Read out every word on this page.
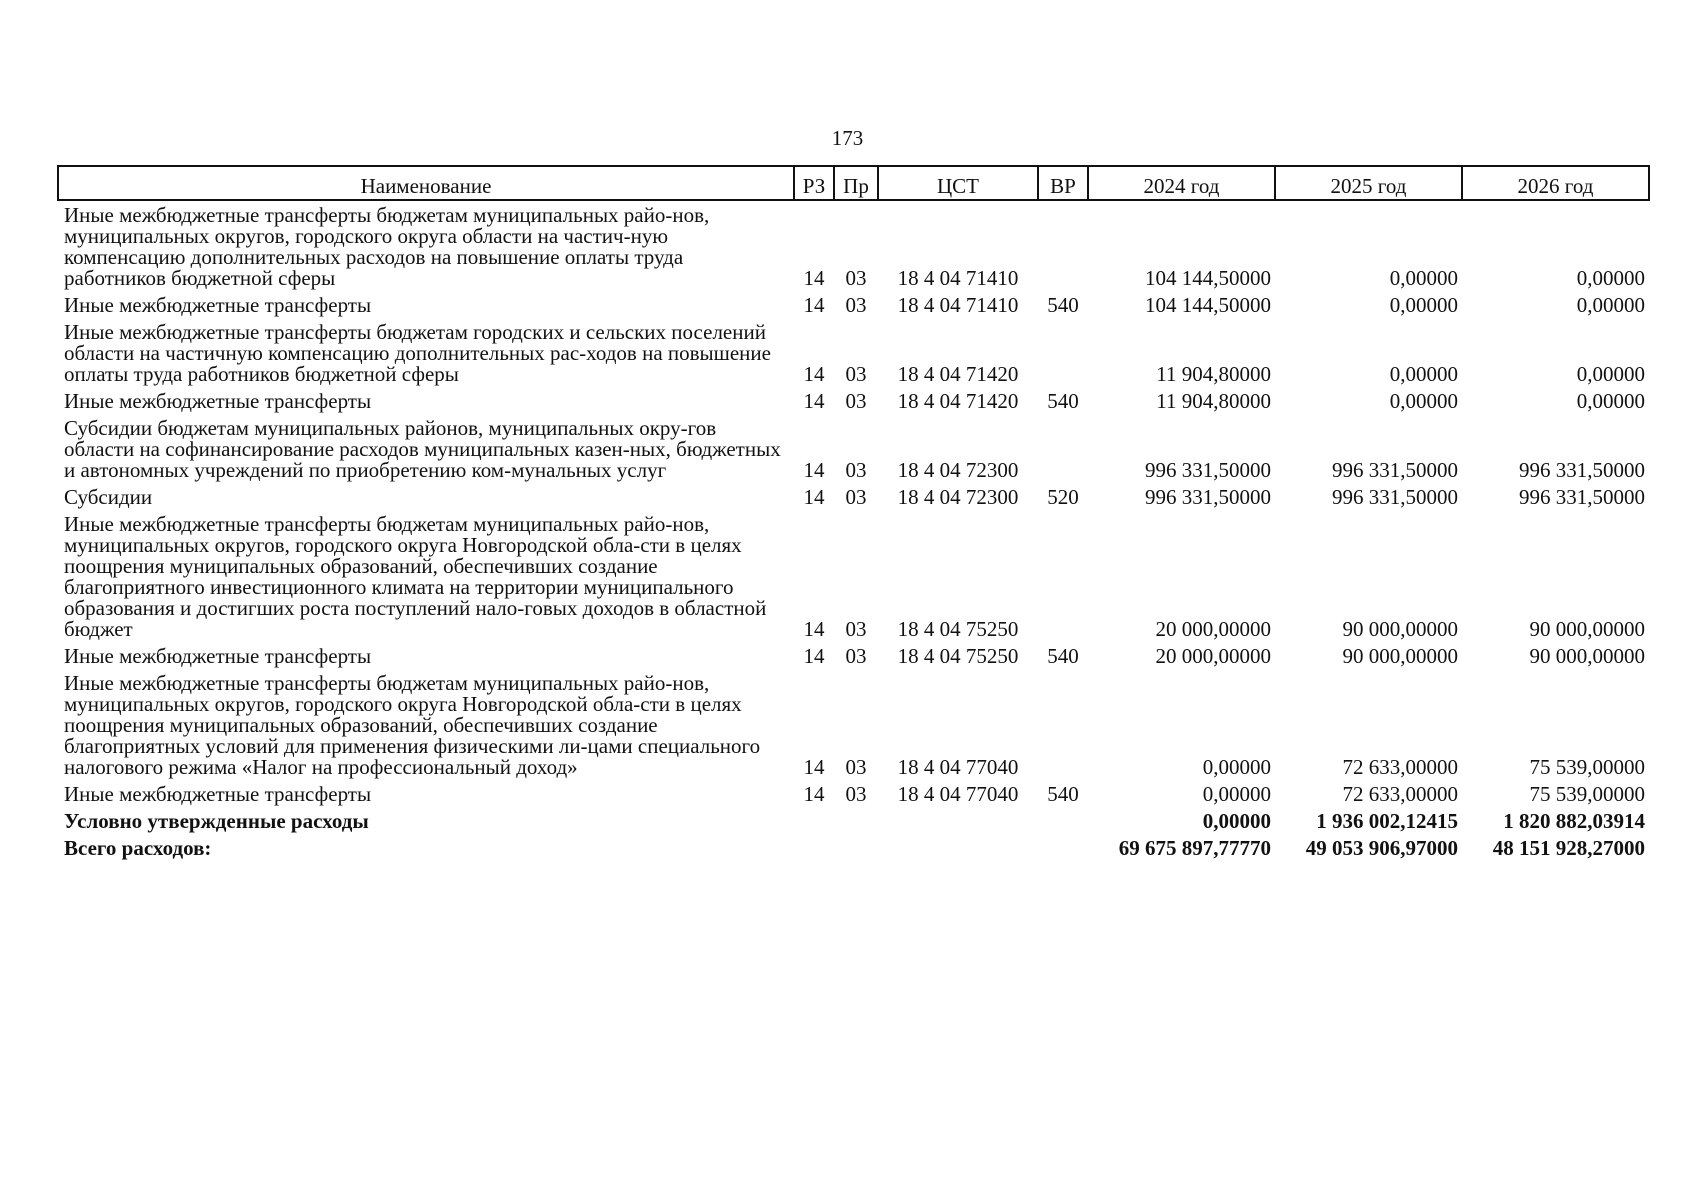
173
Наименование	РЗ	Пр	ЦСТ	ВР	2024 год	2025 год	2026 год
Иные межбюджетные трансферты бюджетам муниципальных райо-нов, муниципальных округов, городского округа области на частич-ную компенсацию дополнительных расходов на повышение оплаты труда работников бюджетной сферы	14	03	18 4 04 71410		104 144,50000	0,00000	0,00000
Иные межбюджетные трансферты	14	03	18 4 04 71410	540	104 144,50000	0,00000	0,00000
Иные межбюджетные трансферты бюджетам городских и сельских поселений области на частичную компенсацию дополнительных рас-ходов на повышение оплаты труда работников бюджетной сферы	14	03	18 4 04 71420		11 904,80000	0,00000	0,00000
Иные межбюджетные трансферты	14	03	18 4 04 71420	540	11 904,80000	0,00000	0,00000
Субсидии бюджетам муниципальных районов, муниципальных окру-гов области на софинансирование расходов муниципальных казен-ных, бюджетных и автономных учреждений по приобретению ком-мунальных услуг	14	03	18 4 04 72300		996 331,50000	996 331,50000	996 331,50000
Субсидии	14	03	18 4 04 72300	520	996 331,50000	996 331,50000	996 331,50000
Иные межбюджетные трансферты бюджетам муниципальных райо-нов, муниципальных округов, городского округа Новгородской обла-сти в целях поощрения муниципальных образований, обеспечивших создание благоприятного инвестиционного климата на территории муниципального образования и достигших роста поступлений нало-говых доходов в областной бюджет	14	03	18 4 04 75250		20 000,00000	90 000,00000	90 000,00000
Иные межбюджетные трансферты	14	03	18 4 04 75250	540	20 000,00000	90 000,00000	90 000,00000
Иные межбюджетные трансферты бюджетам муниципальных райо-нов, муниципальных округов, городского округа Новгородской обла-сти в целях поощрения муниципальных образований, обеспечивших создание благоприятных условий для применения физическими ли-цами специального налогового режима «Налог на профессиональный доход»	14	03	18 4 04 77040		0,00000	72 633,00000	75 539,00000
Иные межбюджетные трансферты	14	03	18 4 04 77040	540	0,00000	72 633,00000	75 539,00000
Условно утвержденные расходы					0,00000	1 936 002,12415	1 820 882,03914
Всего расходов:					69 675 897,77770	49 053 906,97000	48 151 928,27000
